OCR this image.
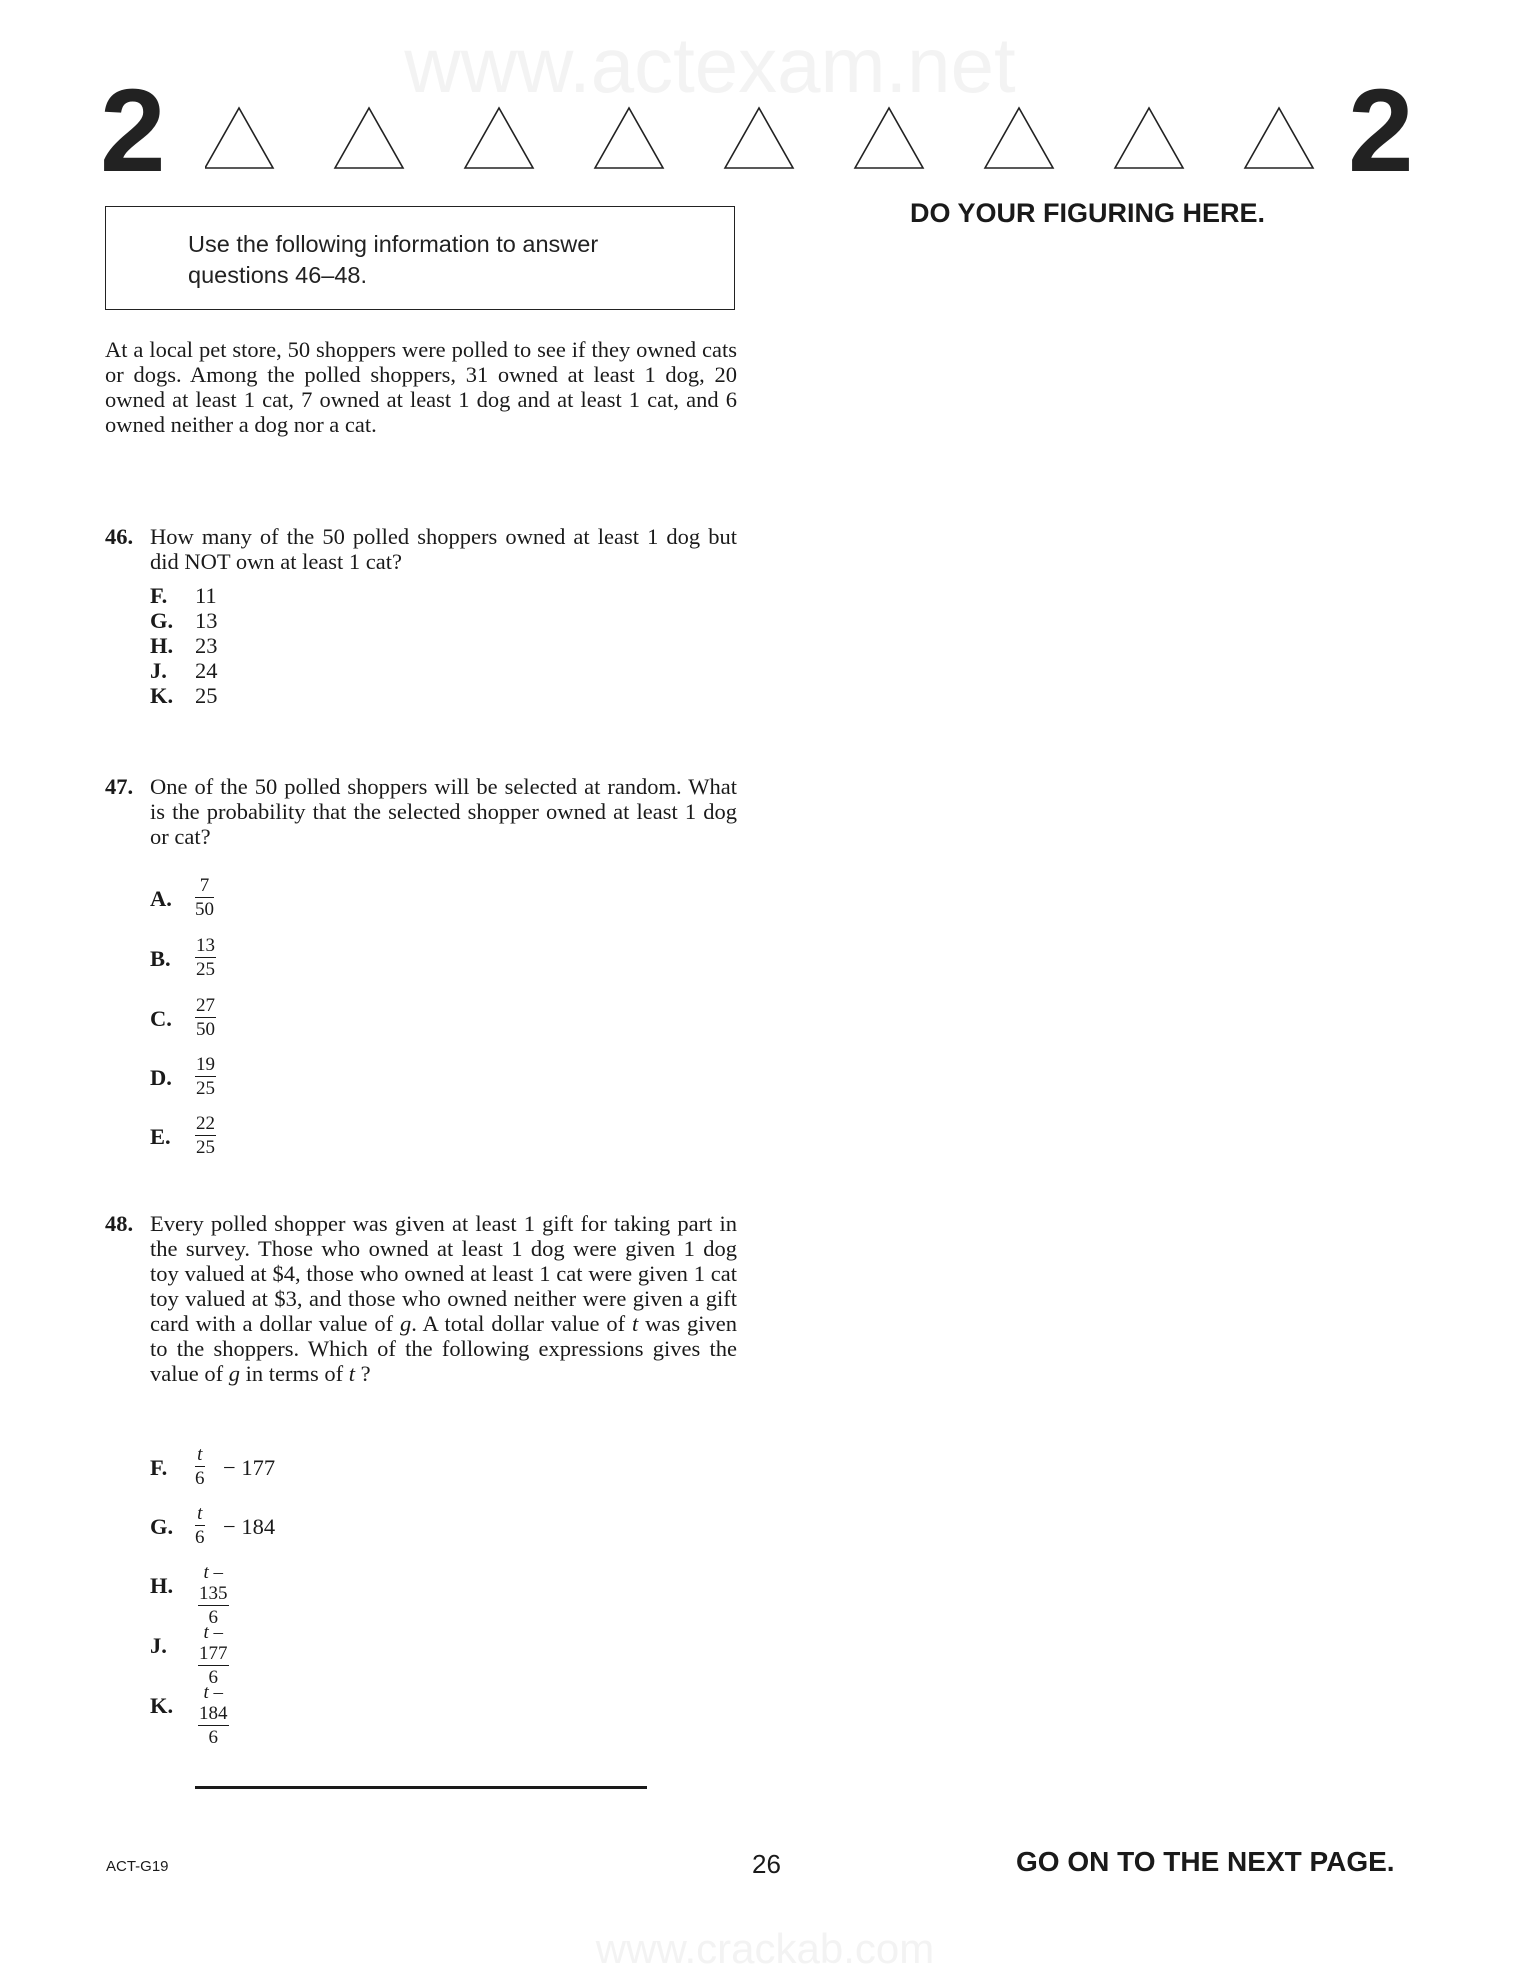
www.actexam.net
www.crackab.com
2	2
Use the following information to answer questions 46–48.
DO YOUR FIGURING HERE.
At a local pet store, 50 shoppers were polled to see if they owned cats or dogs. Among the polled shoppers, 31 owned at least 1 dog, 20 owned at least 1 cat, 7 owned at least 1 dog and at least 1 cat, and 6 owned neither a dog nor a cat.
46. How many of the 50 polled shoppers owned at least 1 dog but did NOT own at least 1 cat?
F. 11
G. 13
H. 23
J. 24
K. 25
47. One of the 50 polled shoppers will be selected at random. What is the probability that the selected shopper owned at least 1 dog or cat?
A. $\frac{7}{50}$
B. $\frac{13}{25}$
C. $\frac{27}{50}$
D. $\frac{19}{25}$
E. $\frac{22}{25}$
48. Every polled shopper was given at least 1 gift for taking part in the survey. Those who owned at least 1 dog were given 1 dog toy valued at $4, those who owned at least 1 cat were given 1 cat toy valued at $3, and those who owned neither were given a gift card with a dollar value of g. A total dollar value of t was given to the shoppers. Which of the following expressions gives the value of g in terms of t ?
F. $\frac{t}{6} - 177$
G. $\frac{t}{6} - 184$
H. $\frac{t - 135}{6}$
J. $\frac{t - 177}{6}$
K. $\frac{t - 184}{6}$
ACT-G19	26	GO ON TO THE NEXT PAGE.
